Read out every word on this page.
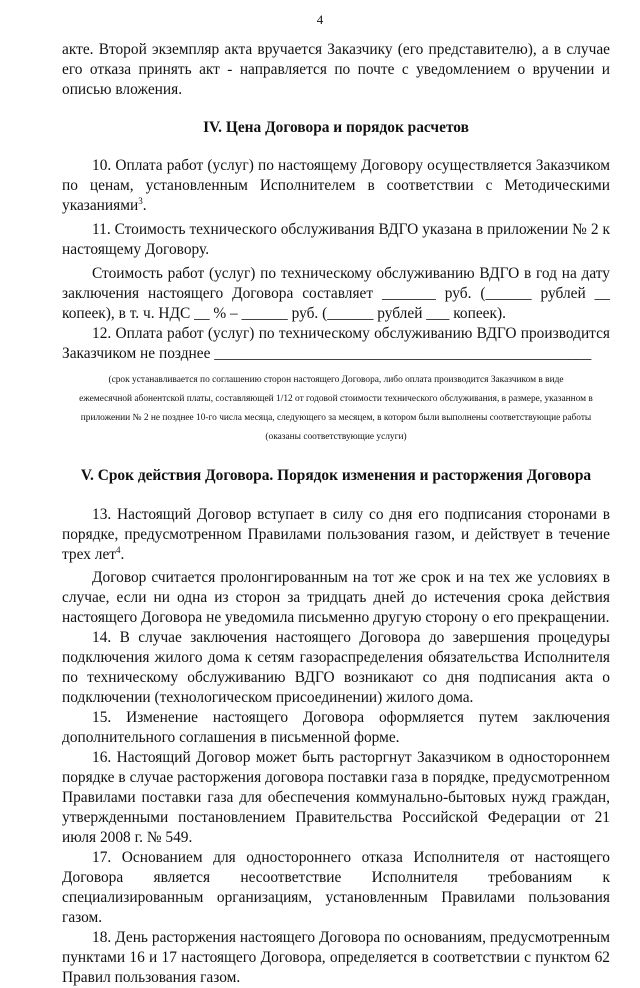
4

акте. Второй экземпляр акта вручается Заказчику (его представителю), а в случае его отказа принять акт - направляется по почте с уведомлением о вручении и описью вложения.

IV. Цена Договора и порядок расчетов

10. Оплата работ (услуг) по настоящему Договору осуществляется Заказчиком по ценам, установленным Исполнителем в соответствии с Методическими указаниями$^3$.

11. Стоимость технического обслуживания ВДГО указана в приложении № 2 к настоящему Договору.

Стоимость работ (услуг) по техническому обслуживанию ВДГО в год на дату заключения настоящего Договора составляет _______ руб. (______ рублей __ копеек), в т. ч. НДС __ % – ______ руб. (______ рублей ___ копеек).

12. Оплата работ (услуг) по техническому обслуживанию ВДГО производится Заказчиком не позднее _________________________________________________

(срок устанавливается по соглашению сторон настоящего Договора, либо оплата производится Заказчиком в виде

ежемесячной абонентской платы, составляющей 1/12 от годовой стоимости технического обслуживания, в размере, указанном в

приложении № 2 не позднее 10-го числа месяца, следующего за месяцем, в котором были выполнены соответствующие работы

(оказаны соответствующие услуги)

V. Срок действия Договора. Порядок изменения и расторжения Договора

13. Настоящий Договор вступает в силу со дня его подписания сторонами в порядке, предусмотренном Правилами пользования газом, и действует в течение трех лет$^4$.

Договор считается пролонгированным на тот же срок и на тех же условиях в случае, если ни одна из сторон за тридцать дней до истечения срока действия настоящего Договора не уведомила письменно другую сторону о его прекращении.

14. В случае заключения настоящего Договора до завершения процедуры подключения жилого дома к сетям газораспределения обязательства Исполнителя по техническому обслуживанию ВДГО возникают со дня подписания акта о подключении (технологическом присоединении) жилого дома.

15. Изменение настоящего Договора оформляется путем заключения дополнительного соглашения в письменной форме.

16. Настоящий Договор может быть расторгнут Заказчиком в одностороннем порядке в случае расторжения договора поставки газа в порядке, предусмотренном Правилами поставки газа для обеспечения коммунально-бытовых нужд граждан, утвержденными постановлением Правительства Российской Федерации от 21 июля 2008 г. № 549.

17. Основанием для одностороннего отказа Исполнителя от настоящего Договора является несоответствие Исполнителя требованиям к специализированным организациям, установленным Правилами пользования газом.

18. День расторжения настоящего Договора по основаниям, предусмотренным пунктами 16 и 17 настоящего Договора, определяется в соответствии с пунктом 62 Правил пользования газом.
